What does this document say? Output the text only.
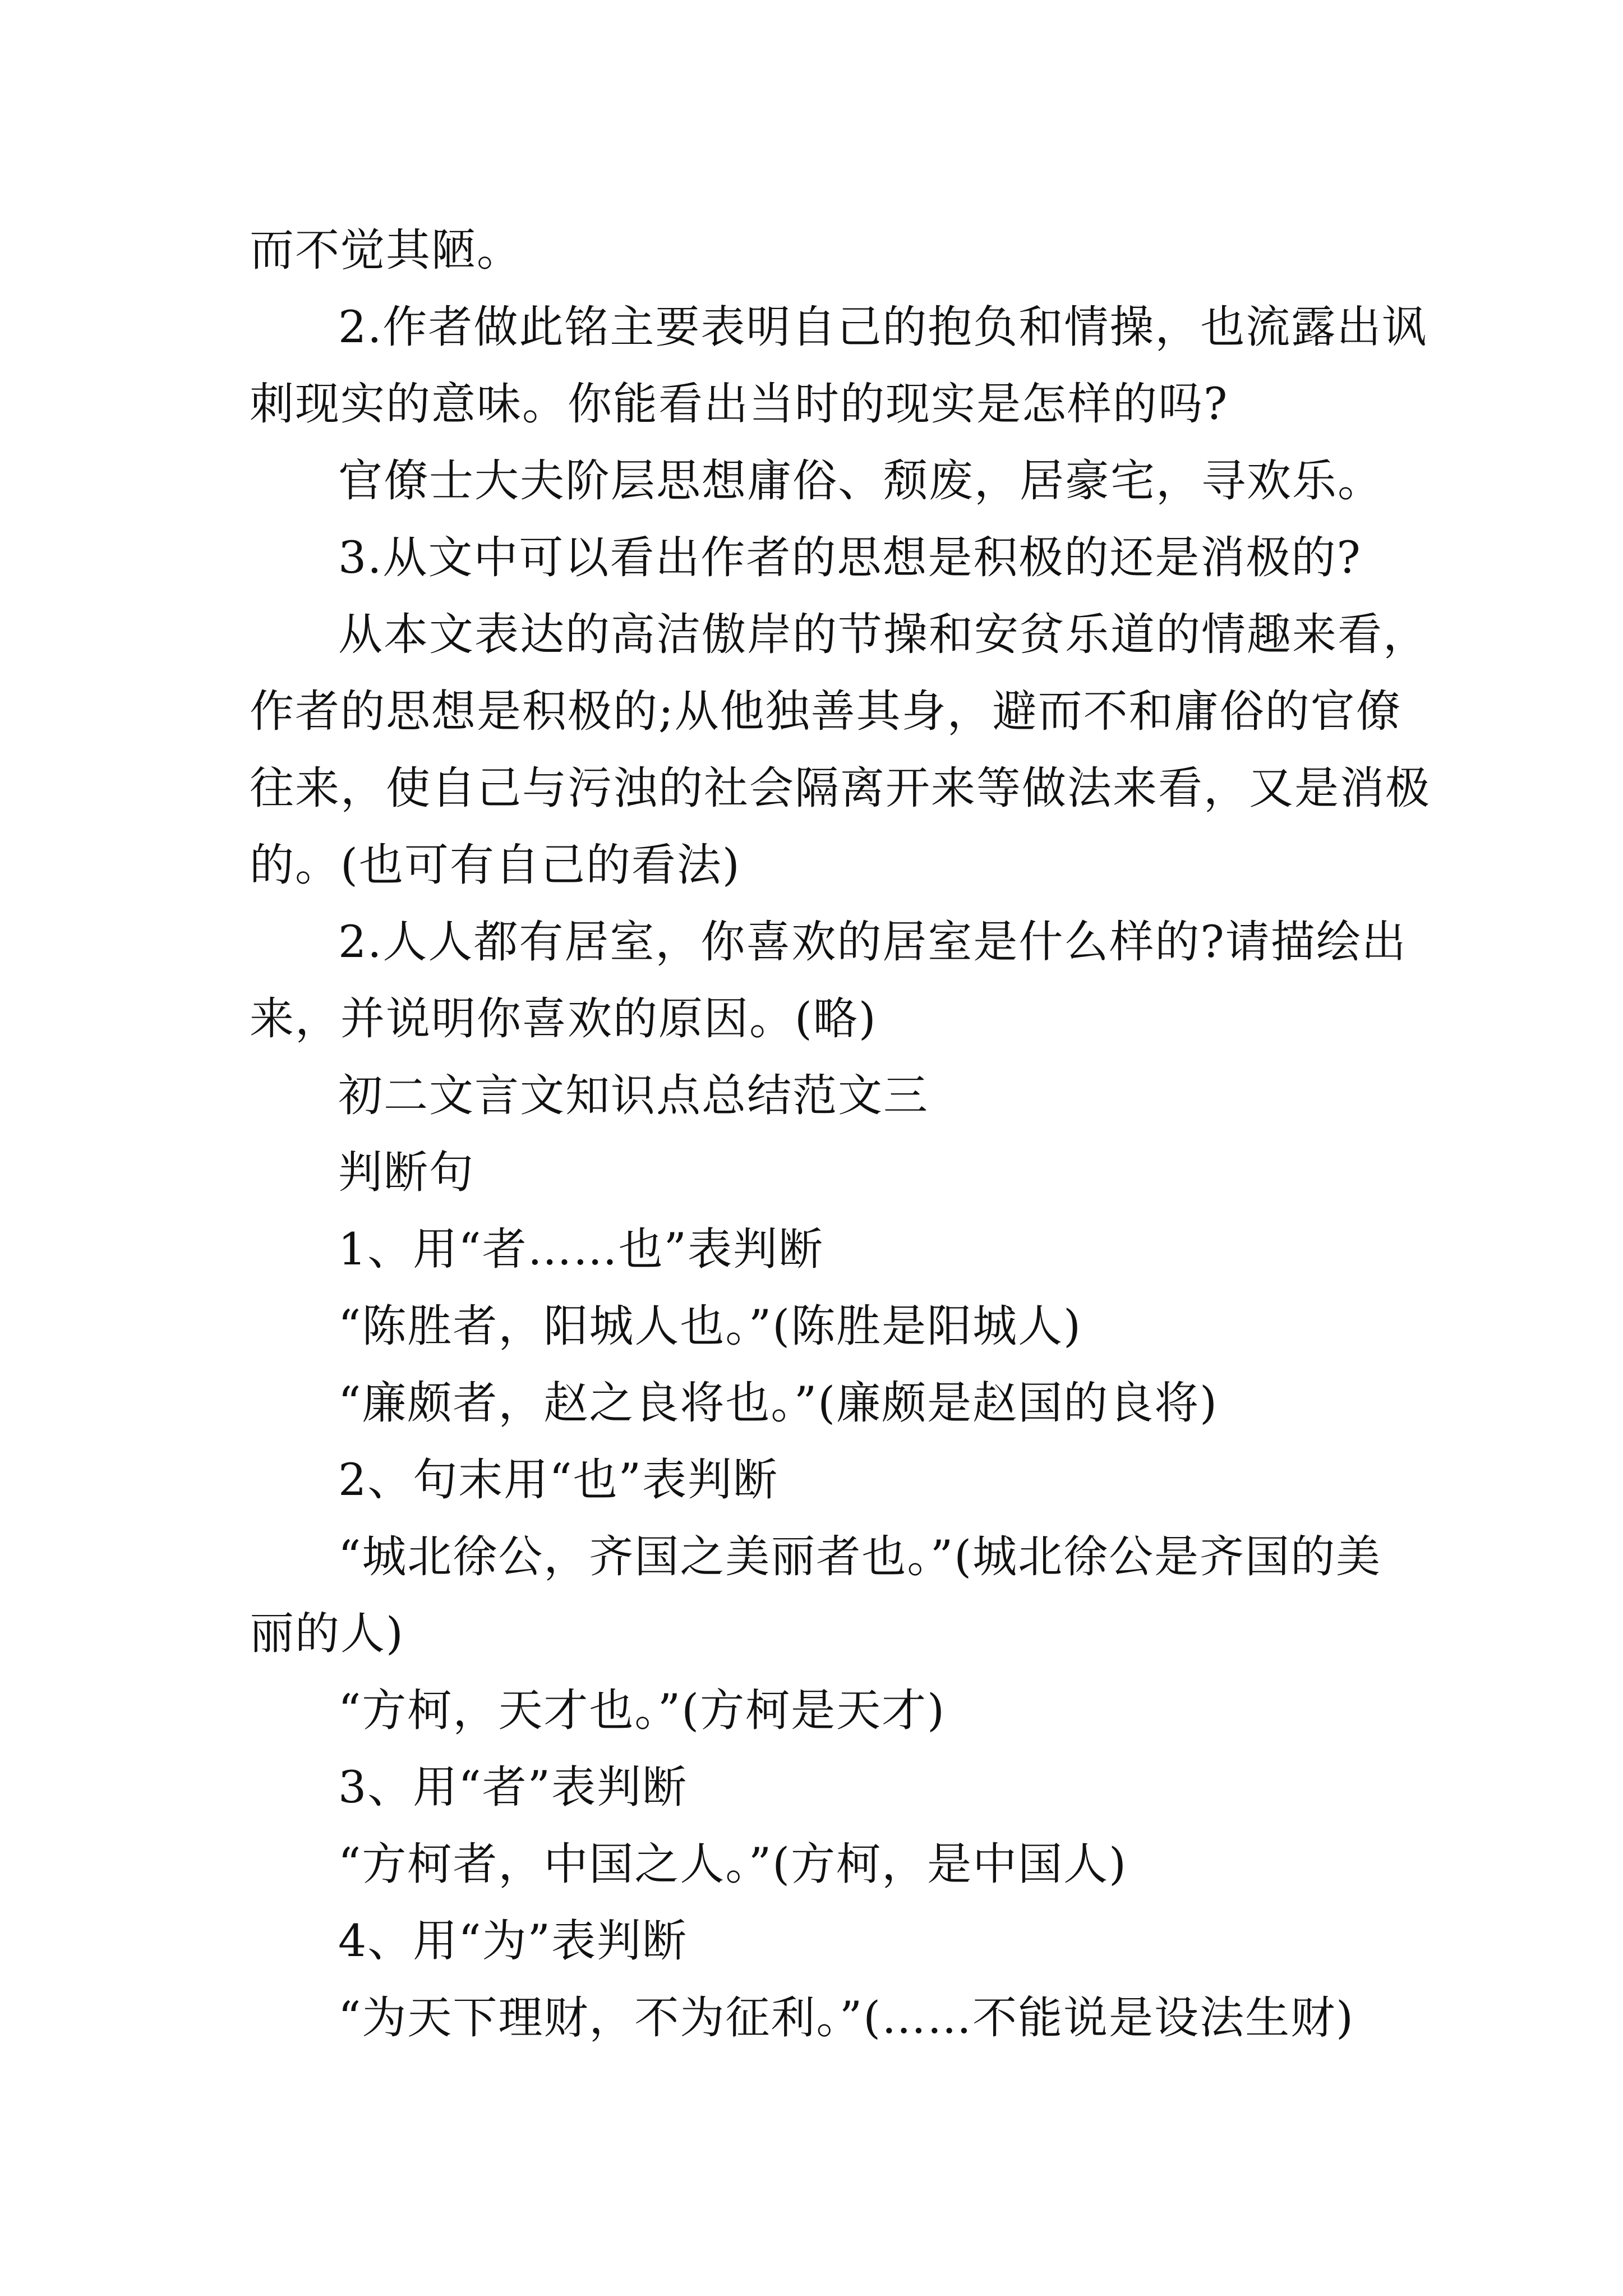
而不觉其陋。
2.作者做此铭主要表明自己的抱负和情操，也流露出讽
刺现实的意味。你能看出当时的现实是怎样的吗?
官僚士大夫阶层思想庸俗、颓废，居豪宅，寻欢乐。
3.从文中可以看出作者的思想是积极的还是消极的?
从本文表达的高洁傲岸的节操和安贫乐道的情趣来看，
作者的思想是积极的;从他独善其身，避而不和庸俗的官僚
往来，使自己与污浊的社会隔离开来等做法来看，又是消极
的。(也可有自己的看法)
2.人人都有居室，你喜欢的居室是什么样的?请描绘出
来，并说明你喜欢的原因。(略)
初二文言文知识点总结范文三
判断句
1、用“者……也”表判断
“陈胜者，阳城人也。”(陈胜是阳城人)
“廉颇者，赵之良将也。”(廉颇是赵国的良将)
2、句末用“也”表判断
“城北徐公，齐国之美丽者也。”(城北徐公是齐国的美
丽的人)
“方柯，天才也。”(方柯是天才)
3、用“者”表判断
“方柯者，中国之人。”(方柯，是中国人)
4、用“为”表判断
“为天下理财，不为征利。”(……不能说是设法生财)
